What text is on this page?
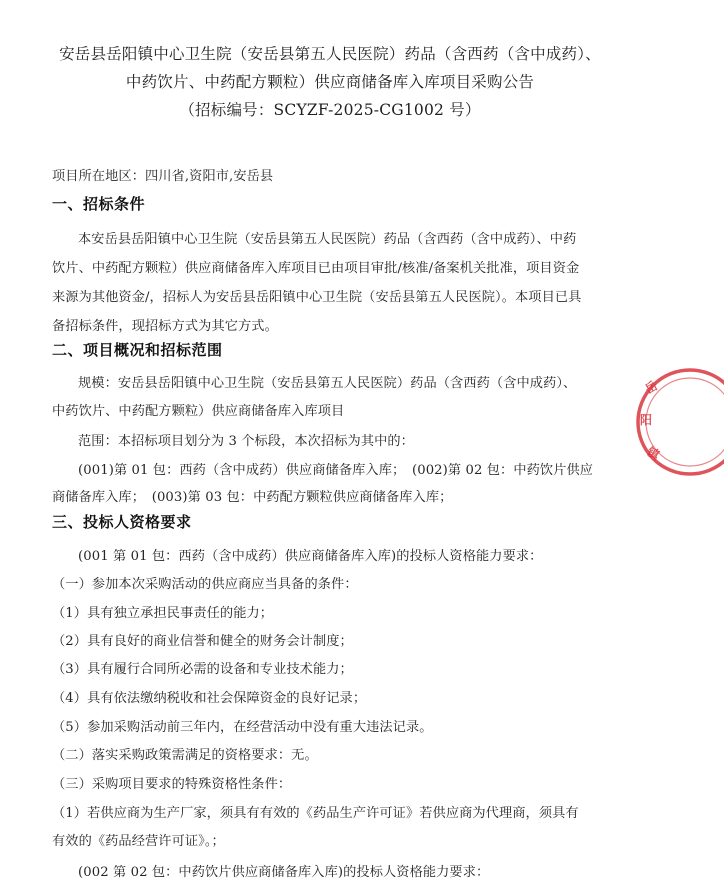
安岳县岳阳镇中心卫生院（安岳县第五人民医院）药品（含西药（含中成药）、
中药饮片、中药配方颗粒）供应商储备库入库项目采购公告
（招标编号：SCYZF-2025-CG1002 号）
项目所在地区：四川省,资阳市,安岳县
一、招标条件
本安岳县岳阳镇中心卫生院（安岳县第五人民医院）药品（含西药（含中成药）、中药
饮片、中药配方颗粒）供应商储备库入库项目已由项目审批/核准/备案机关批准，项目资金
来源为其他资金/，招标人为安岳县岳阳镇中心卫生院（安岳县第五人民医院）。本项目已具
备招标条件，现招标方式为其它方式。
二、项目概况和招标范围
规模：安岳县岳阳镇中心卫生院（安岳县第五人民医院）药品（含西药（含中成药）、
中药饮片、中药配方颗粒）供应商储备库入库项目
范围：本招标项目划分为 3 个标段，本次招标为其中的：
(001)第 01 包：西药（含中成药）供应商储备库入库；　(002)第 02 包：中药饮片供应
商储备库入库；　(003)第 03 包：中药配方颗粒供应商储备库入库；
三、投标人资格要求
(001 第 01 包：西药（含中成药）供应商储备库入库)的投标人资格能力要求：
（一）参加本次采购活动的供应商应当具备的条件：
（1）具有独立承担民事责任的能力；
（2）具有良好的商业信誉和健全的财务会计制度；
（3）具有履行合同所必需的设备和专业技术能力；
（4）具有依法缴纳税收和社会保障资金的良好记录；
（5）参加采购活动前三年内，在经营活动中没有重大违法记录。
（二）落实采购政策需满足的资格要求：无。
（三）采购项目要求的特殊资格性条件：
（1）若供应商为生产厂家，须具有有效的《药品生产许可证》若供应商为代理商，须具有
有效的《药品经营许可证》。；
(002 第 02 包：中药饮片供应商储备库入库)的投标人资格能力要求：
岳
阳
镇
